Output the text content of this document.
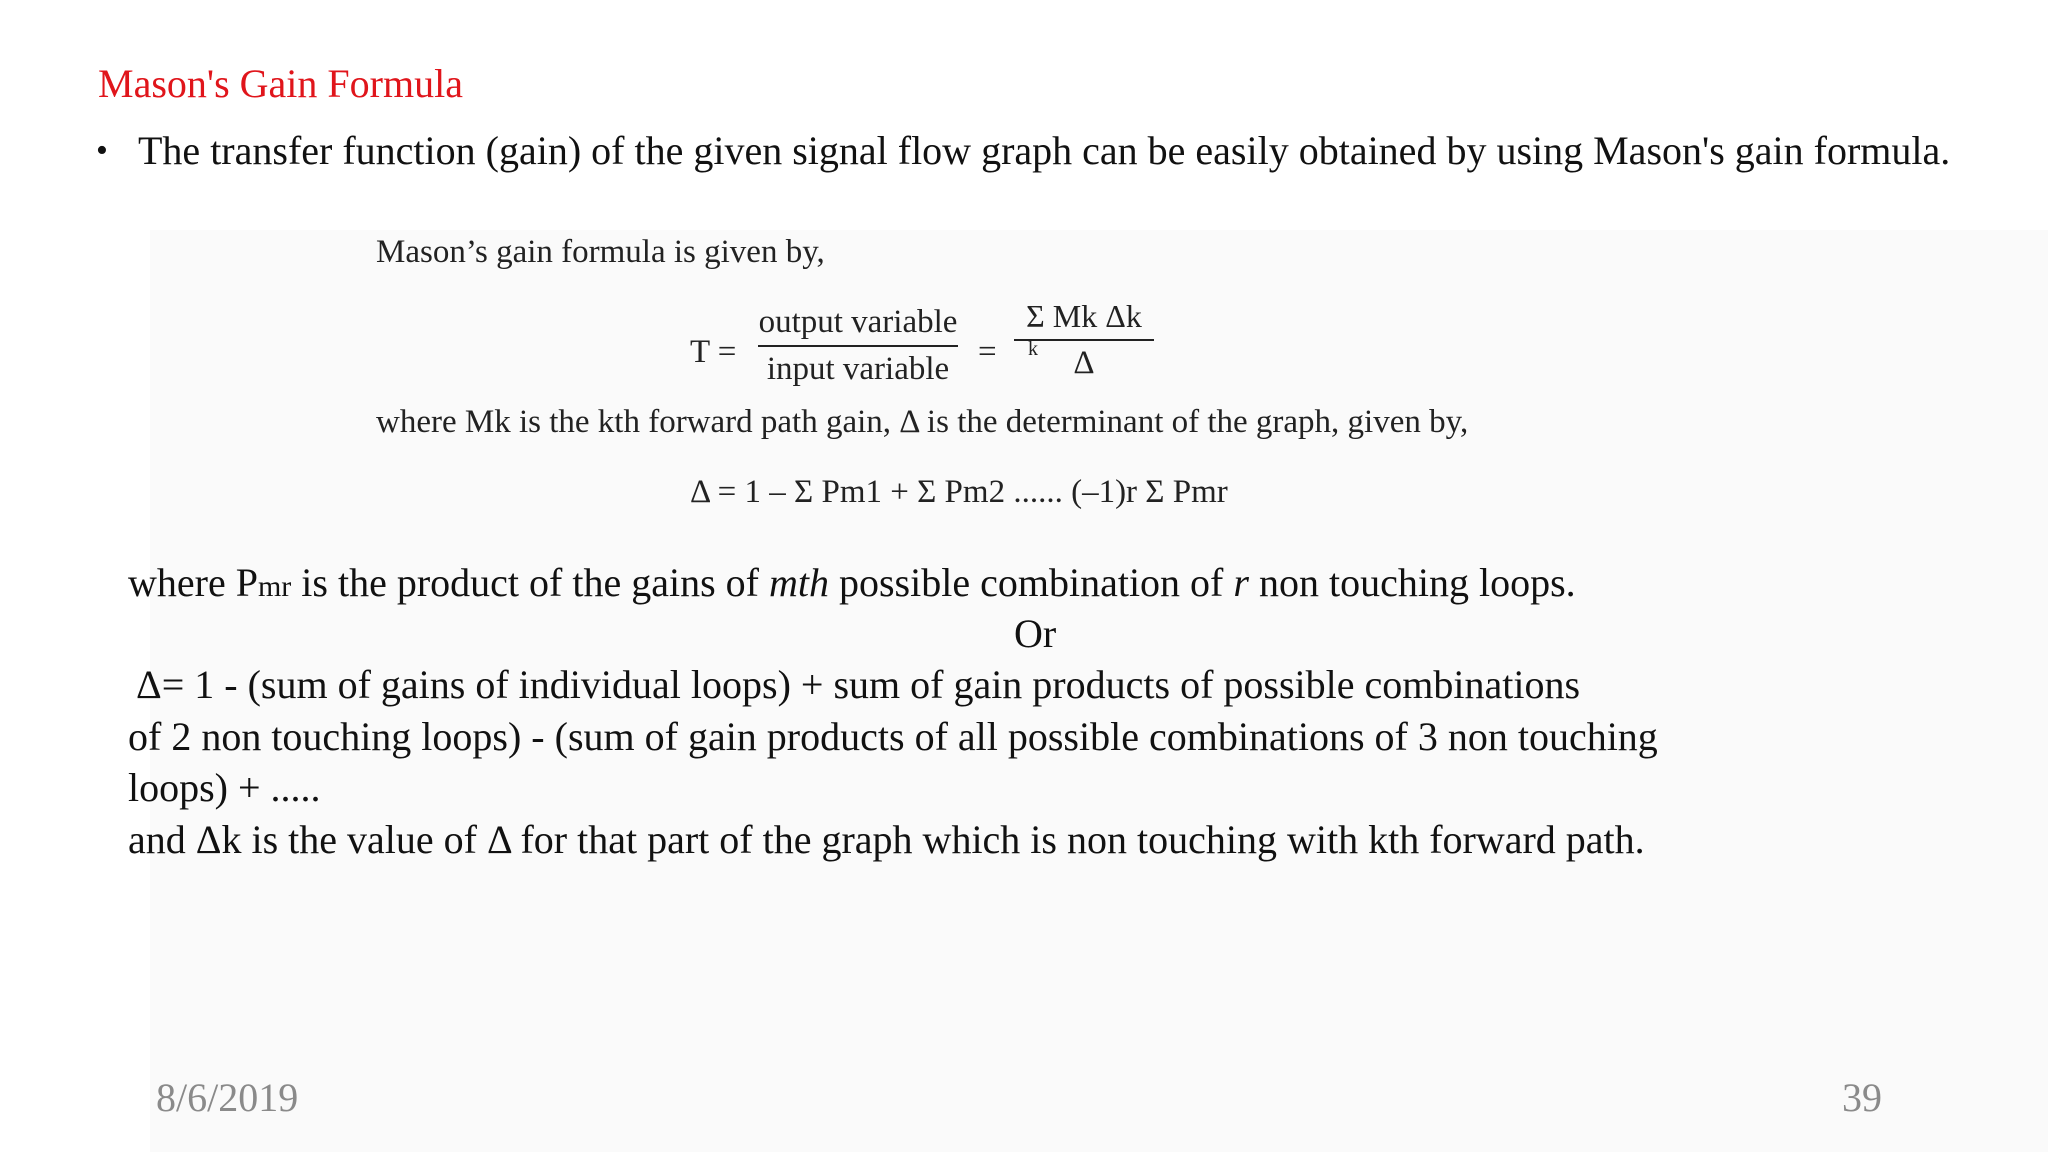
Mason's Gain Formula
• The transfer function (gain) of the given signal flow graph can be easily obtained by using Mason's gain formula.
Mason’s gain formula is given by,
T =
output variable
input variable =
Σ Mk Δk
k	Δ
where Mk is the kth forward path gain, Δ is the determinant of the graph, given by,
Δ = 1 – Σ Pm1 + Σ Pm2 ...... (–1)r Σ Pmr
where Pmr is the product of the gains of mth possible combination of r non touching loops.
Or
Δ= 1 - (sum of gains of individual loops) + sum of gain products of possible combinations
of 2 non touching loops) - (sum of gain products of all possible combinations of 3 non touching
loops) + .....
and Δk is the value of Δ for that part of the graph which is non touching with kth forward path.
8/6/2019	39
